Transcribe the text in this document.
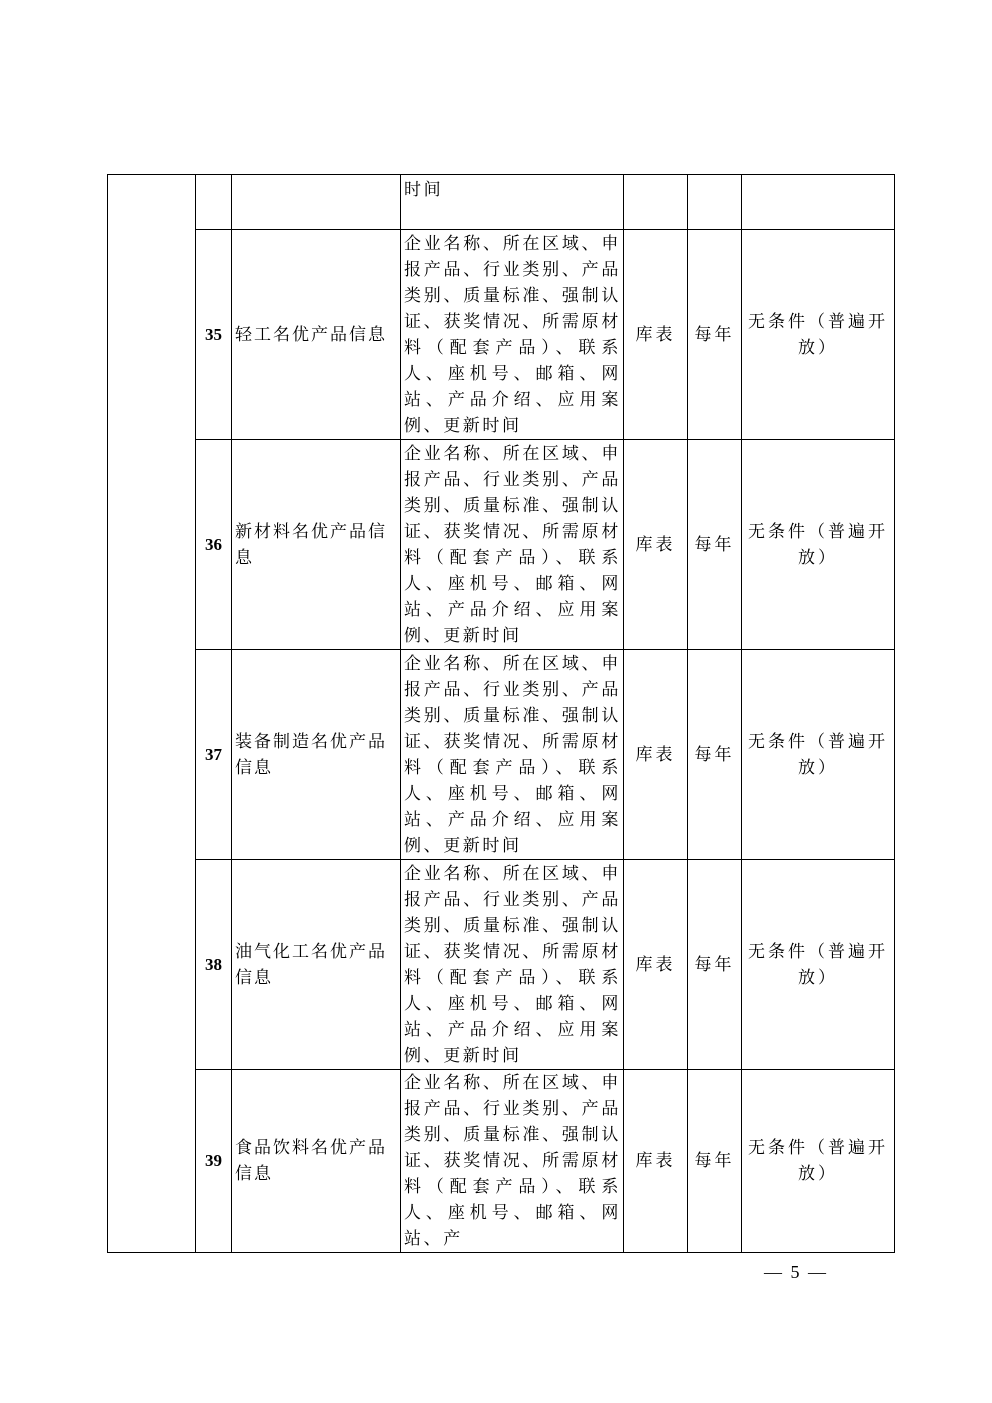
			时间			
	35	轻工名优产品信息	企业名称、所在区域、申报产品、行业类别、产品类别、质量标准、强制认证、获奖情况、所需原材料（配套产品）、联系人、座机号、邮箱、网站、产品介绍、应用案例、更新时间	库表	每年	无条件（普遍开放）
	36	新材料名优产品信息	企业名称、所在区域、申报产品、行业类别、产品类别、质量标准、强制认证、获奖情况、所需原材料（配套产品）、联系人、座机号、邮箱、网站、产品介绍、应用案例、更新时间	库表	每年	无条件（普遍开放）
	37	装备制造名优产品信息	企业名称、所在区域、申报产品、行业类别、产品类别、质量标准、强制认证、获奖情况、所需原材料（配套产品）、联系人、座机号、邮箱、网站、产品介绍、应用案例、更新时间	库表	每年	无条件（普遍开放）
	38	油气化工名优产品信息	企业名称、所在区域、申报产品、行业类别、产品类别、质量标准、强制认证、获奖情况、所需原材料（配套产品）、联系人、座机号、邮箱、网站、产品介绍、应用案例、更新时间	库表	每年	无条件（普遍开放）
	39	食品饮料名优产品信息	企业名称、所在区域、申报产品、行业类别、产品类别、质量标准、强制认证、获奖情况、所需原材料（配套产品）、联系人、座机号、邮箱、网站、产	库表	每年	无条件（普遍开放）
— 5 —
